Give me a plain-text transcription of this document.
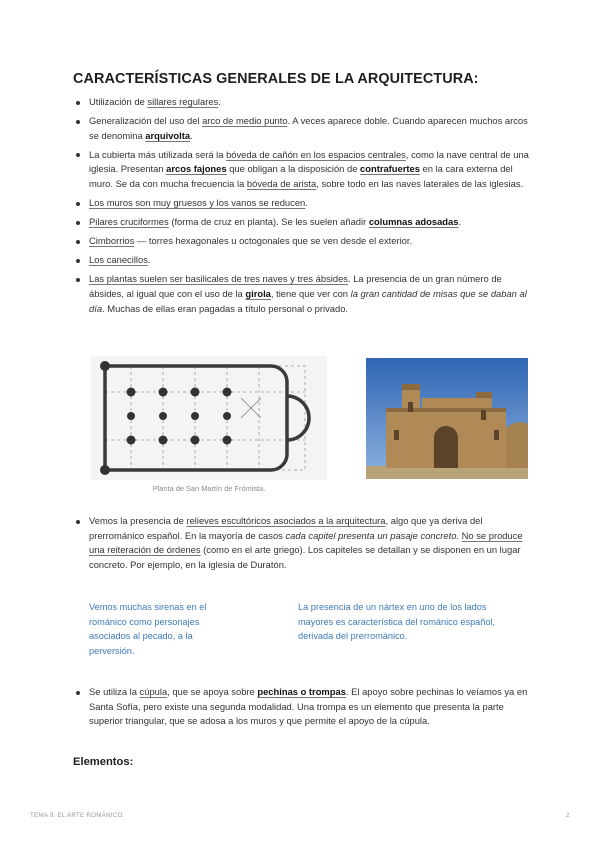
CARACTERÍSTICAS GENERALES DE LA ARQUITECTURA:
Utilización de sillares regulares.
Generalización del uso del arco de medio punto. A veces aparece doble. Cuando aparecen muchos arcos se denomina arquivolta.
La cubierta más utilizada será la bóveda de cañón en los espacios centrales, como la nave central de una iglesia. Presentan arcos fajones que obligan a la disposición de contrafuertes en la cara externa del muro. Se da con mucha frecuencia la bóveda de arista, sobre todo en las naves laterales de las iglesias.
Los muros son muy gruesos y los vanos se reducen.
Pilares cruciformes (forma de cruz en planta). Se les suelen añadir columnas adosadas.
Cimborrios — torres hexagonales u octogonales que se ven desde el exterior.
Los canecillos.
Las plantas suelen ser basilicales de tres naves y tres ábsides. La presencia de un gran número de ábsides, al igual que con el uso de la girola, tiene que ver con la gran cantidad de misas que se daban al día. Muchas de ellas eran pagadas a título personal o privado.
Planta de San Martín de Frómista.
Vemos la presencia de relieves escultóricos asociados a la arquitectura, algo que ya deriva del prerrománico español. En la mayoría de casos cada capitel presenta un pasaje concreto. No se produce una reiteración de órdenes (como en el arte griego). Los capiteles se detallan y se disponen en un lugar concreto. Por ejemplo, en la iglesia de Duratón.
Vemos muchas sirenas en el románico como personajes asociados al pecado, a la perversión.
La presencia de un nártex en uno de los lados mayores es característica del románico español, derivada del prerrománico.
Se utiliza la cúpula, que se apoya sobre pechinas o trompas. El apoyo sobre pechinas lo veíamos ya en Santa Sofía, pero existe una segunda modalidad. Una trompa es un elemento que presenta la parte superior triangular, que se adosa a los muros y que permite el apoyo de la cúpula.
Elementos:
TEMA 9. EL ARTE ROMÁNICO.	2
